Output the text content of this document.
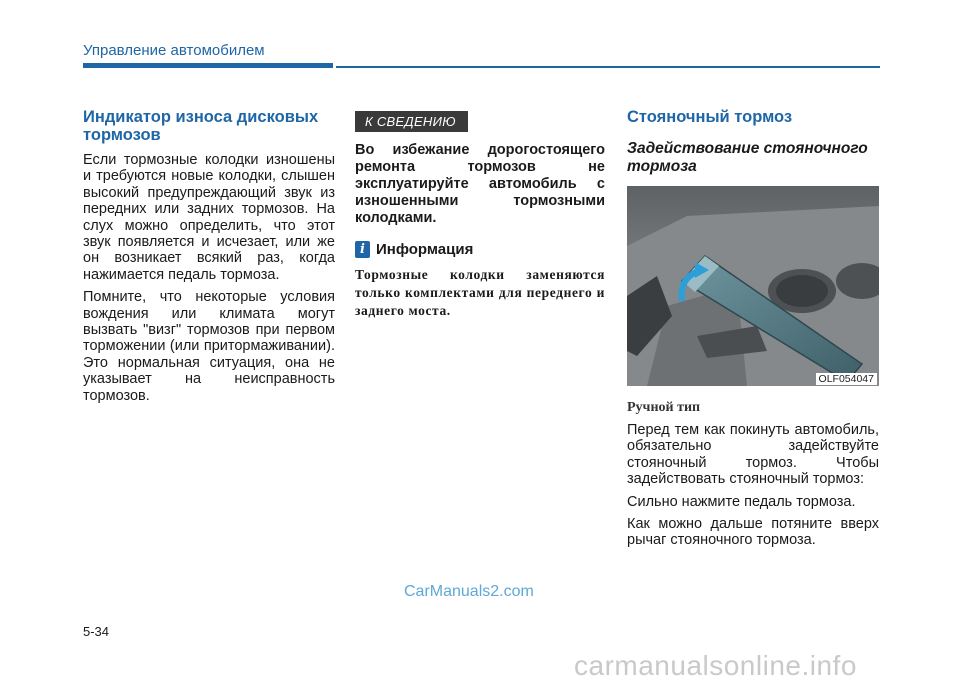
Управление автомобилем
Индикатор износа дисковых тормозов

Если тормозные колодки изношены и требуются новые колодки, слышен высокий предупреждающий звук из передних или задних тормозов. На слух можно определить, что этот звук появляется и исчезает, или же он возникает всякий раз, когда нажимается педаль тормоза.

Помните, что некоторые условия вождения или климата могут вызвать "визг" тормозов при первом торможении (или притормаживании). Это нормальная ситуация, она не указывает на неисправность тормозов.

К СВЕДЕНИЮ

Во избежание дорогостоящего ремонта тормозов не эксплуатируйте автомобиль с изношенными тормозными колодками.

i Информация

Тормозные колодки заменяются только комплектами для переднего и заднего моста.

Стояночный тормоз
Задействование стояночного тормоза
OLF054047
Ручной тип

Перед тем как покинуть автомобиль, обязательно задействуйте стояночный тормоз. Чтобы задействовать стояночный тормоз:

Сильно нажмите педаль тормоза.

Как можно дальше потяните вверх рычаг стояночного тормоза.

CarManuals2.com
5-34
carmanualsonline.info
